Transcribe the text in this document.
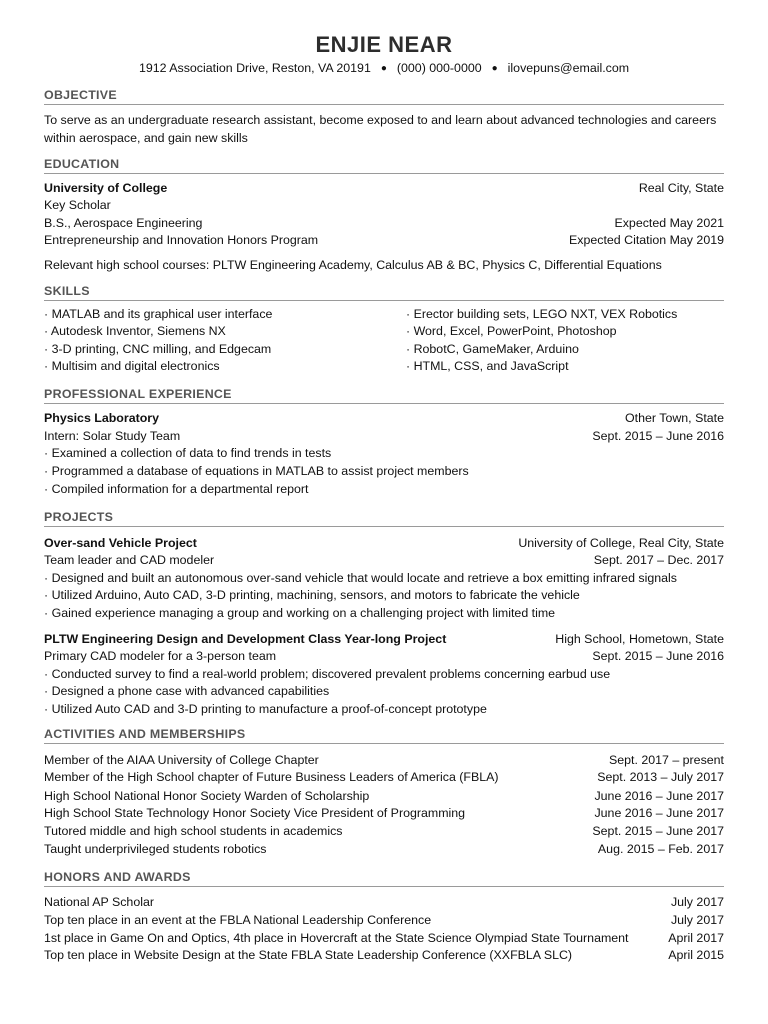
ENJIE NEAR
1912 Association Drive, Reston, VA 20191 ● (000) 000-0000 ● ilovepuns@email.com
OBJECTIVE
To serve as an undergraduate research assistant, become exposed to and learn about advanced technologies and careers within aerospace, and gain new skills
EDUCATION
University of College	Real City, State
Key Scholar
B.S., Aerospace Engineering	Expected May 2021
Entrepreneurship and Innovation Honors Program	Expected Citation May 2019
Relevant high school courses: PLTW Engineering Academy, Calculus AB & BC, Physics C, Differential Equations
SKILLS
· MATLAB and its graphical user interface
· Autodesk Inventor, Siemens NX
· 3-D printing, CNC milling, and Edgecam
· Multisim and digital electronics
· Erector building sets, LEGO NXT, VEX Robotics
· Word, Excel, PowerPoint, Photoshop
· RobotC, GameMaker, Arduino
· HTML, CSS, and JavaScript
PROFESSIONAL EXPERIENCE
Physics Laboratory	Other Town, State
Intern: Solar Study Team	Sept. 2015 – June 2016
· Examined a collection of data to find trends in tests
· Programmed a database of equations in MATLAB to assist project members
· Compiled information for a departmental report
PROJECTS
Over-sand Vehicle Project	University of College, Real City, State
Team leader and CAD modeler	Sept. 2017 – Dec. 2017
· Designed and built an autonomous over-sand vehicle that would locate and retrieve a box emitting infrared signals
· Utilized Arduino, Auto CAD, 3-D printing, machining, sensors, and motors to fabricate the vehicle
· Gained experience managing a group and working on a challenging project with limited time
PLTW Engineering Design and Development Class Year-long Project	High School, Hometown, State
Primary CAD modeler for a 3-person team	Sept. 2015 – June 2016
· Conducted survey to find a real-world problem; discovered prevalent problems concerning earbud use
· Designed a phone case with advanced capabilities
· Utilized Auto CAD and 3-D printing to manufacture a proof-of-concept prototype
ACTIVITIES AND MEMBERSHIPS
Member of the AIAA University of College Chapter	Sept. 2017 – present
Member of the High School chapter of Future Business Leaders of America (FBLA)	Sept. 2013 – July 2017
High School National Honor Society Warden of Scholarship	June 2016 – June 2017
High School State Technology Honor Society Vice President of Programming	June 2016 – June 2017
Tutored middle and high school students in academics	Sept. 2015 – June 2017
Taught underprivileged students robotics	Aug. 2015 – Feb. 2017
HONORS AND AWARDS
National AP Scholar	July 2017
Top ten place in an event at the FBLA National Leadership Conference	July 2017
1st place in Game On and Optics, 4th place in Hovercraft at the State Science Olympiad State Tournament	April 2017
Top ten place in Website Design at the State FBLA State Leadership Conference (XXFBLA SLC)	April 2015
